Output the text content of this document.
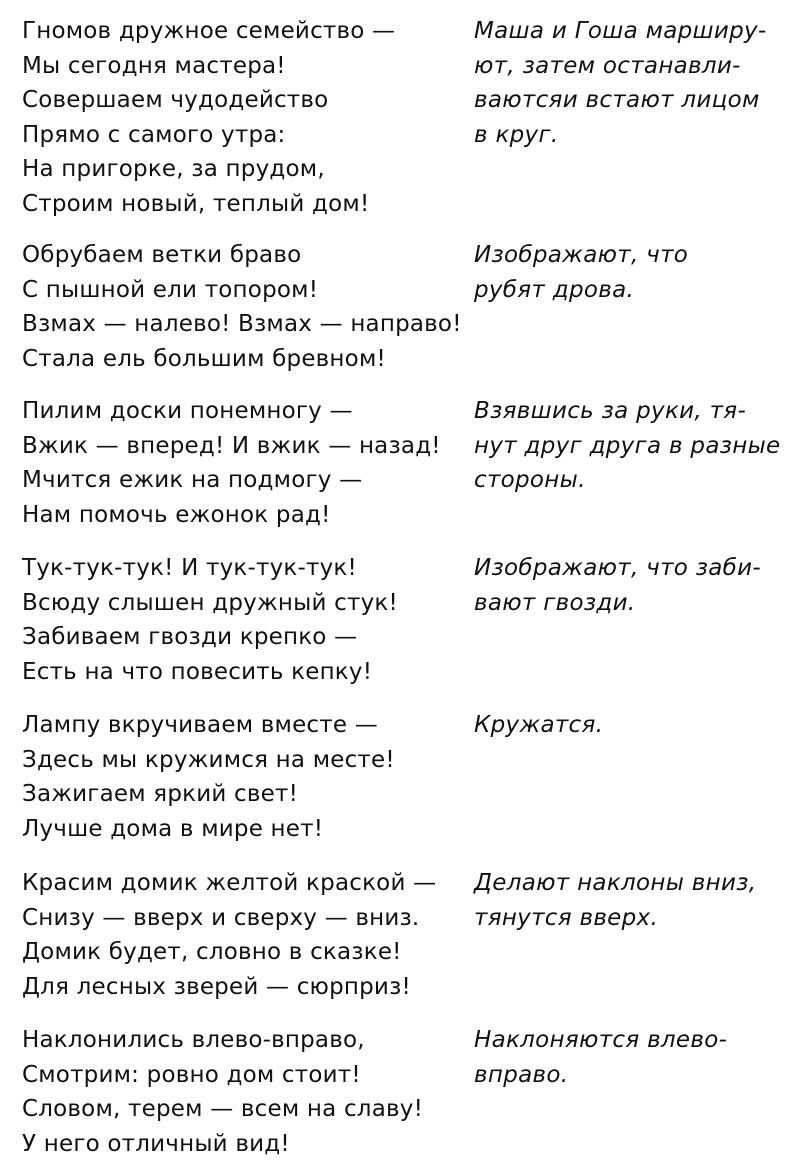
Гномов дружное семейство —
Мы сегодня мастера!
Совершаем чудодейство
Прямо с самого утра:
На пригорке, за прудом,
Строим новый, теплый дом!
Маша и Гоша марширу-
ют, затем останавли-
ваютсяи встают лицом
в круг.
Обрубаем ветки браво
С пышной ели топором!
Взмах — налево! Взмах — направо!
Стала ель большим бревном!
Изображают, что
рубят дрова.
Пилим доски понемногу —
Вжик — вперед! И вжик — назад!
Мчится ежик на подмогу —
Нам помочь ежонок рад!
Взявшись за руки, тя-
нут друг друга в разные
стороны.
Тук-тук-тук! И тук-тук-тук!
Всюду слышен дружный стук!
Забиваем гвозди крепко —
Есть на что повесить кепку!
Изображают, что заби-
вают гвозди.
Лампу вкручиваем вместе —
Здесь мы кружимся на месте!
Зажигаем яркий свет!
Лучше дома в мире нет!
Кружатся.
Красим домик желтой краской —
Снизу — вверх и сверху — вниз.
Домик будет, словно в сказке!
Для лесных зверей — сюрприз!
Делают наклоны вниз,
тянутся вверх.
Наклонились влево-вправо,
Смотрим: ровно дом стоит!
Словом, терем — всем на славу!
У него отличный вид!
Наклоняются влево-
вправо.
